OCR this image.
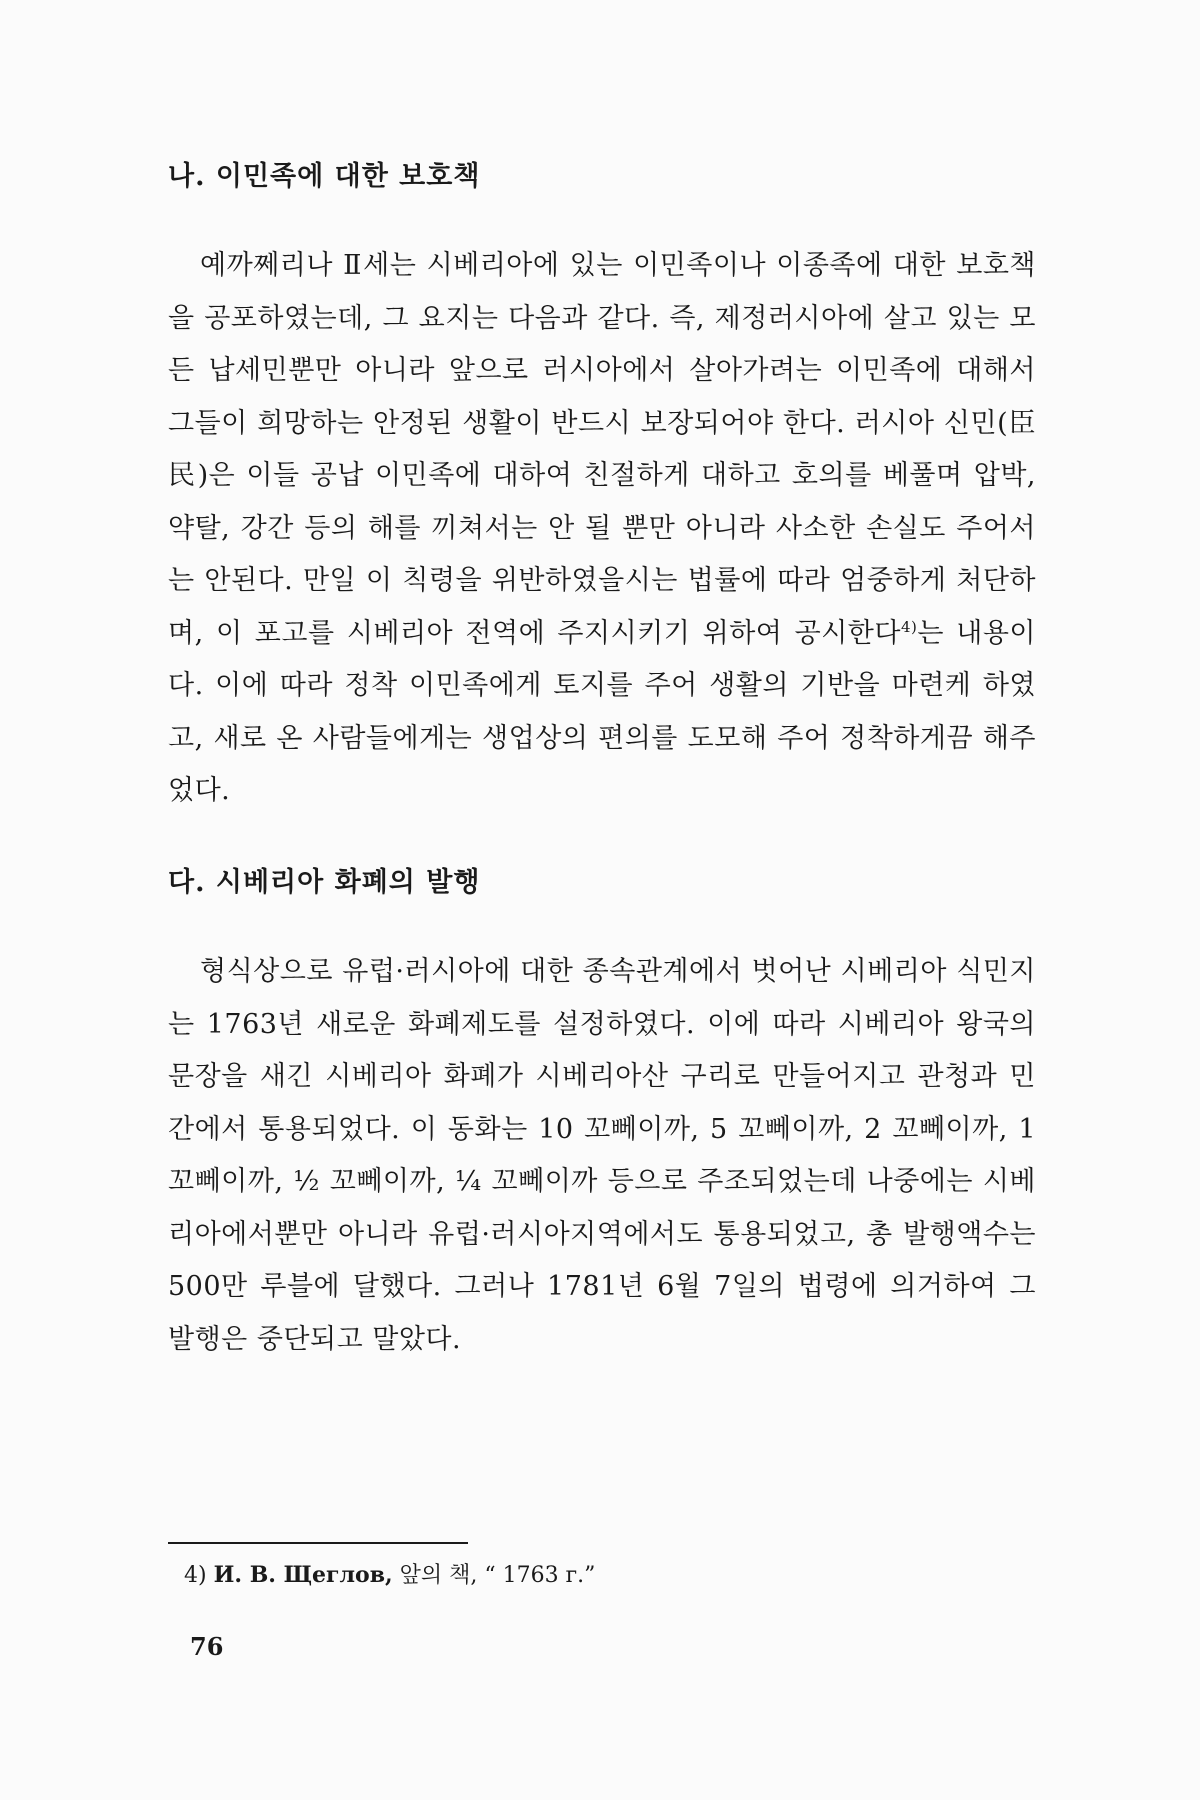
나. 이민족에 대한 보호책

예까쩨리나 Ⅱ세는 시베리아에 있는 이민족이나 이종족에 대한 보호책을 공포하였는데, 그 요지는 다음과 같다. 즉, 제정러시아에 살고 있는 모든 납세민뿐만 아니라 앞으로 러시아에서 살아가려는 이민족에 대해서 그들이 희망하는 안정된 생활이 반드시 보장되어야 한다. 러시아 신민(臣民)은 이들 공납 이민족에 대하여 친절하게 대하고 호의를 베풀며 압박, 약탈, 강간 등의 해를 끼쳐서는 안 될 뿐만 아니라 사소한 손실도 주어서는 안된다. 만일 이 칙령을 위반하였을시는 법률에 따라 엄중하게 처단하며, 이 포고를 시베리아 전역에 주지시키기 위하여 공시한다$^{4)}$는 내용이다. 이에 따라 정착 이민족에게 토지를 주어 생활의 기반을 마련케 하였고, 새로 온 사람들에게는 생업상의 편의를 도모해 주어 정착하게끔 해주었다.

다. 시베리아 화폐의 발행

형식상으로 유럽·러시아에 대한 종속관계에서 벗어난 시베리아 식민지는 1763년 새로운 화폐제도를 설정하였다. 이에 따라 시베리아 왕국의 문장을 새긴 시베리아 화폐가 시베리아산 구리로 만들어지고 관청과 민간에서 통용되었다. 이 동화는 10 꼬뻬이까, 5 꼬뻬이까, 2 꼬뻬이까, 1 꼬뻬이까, ½ 꼬뻬이까, ¼ 꼬뻬이까 등으로 주조되었는데 나중에는 시베리아에서뿐만 아니라 유럽·러시아지역에서도 통용되었고, 총 발행액수는 500만 루블에 달했다. 그러나 1781년 6월 7일의 법령에 의거하여 그 발행은 중단되고 말았다.

4) И. В. Щеглов, 앞의 책, “ 1763 г.”
76
